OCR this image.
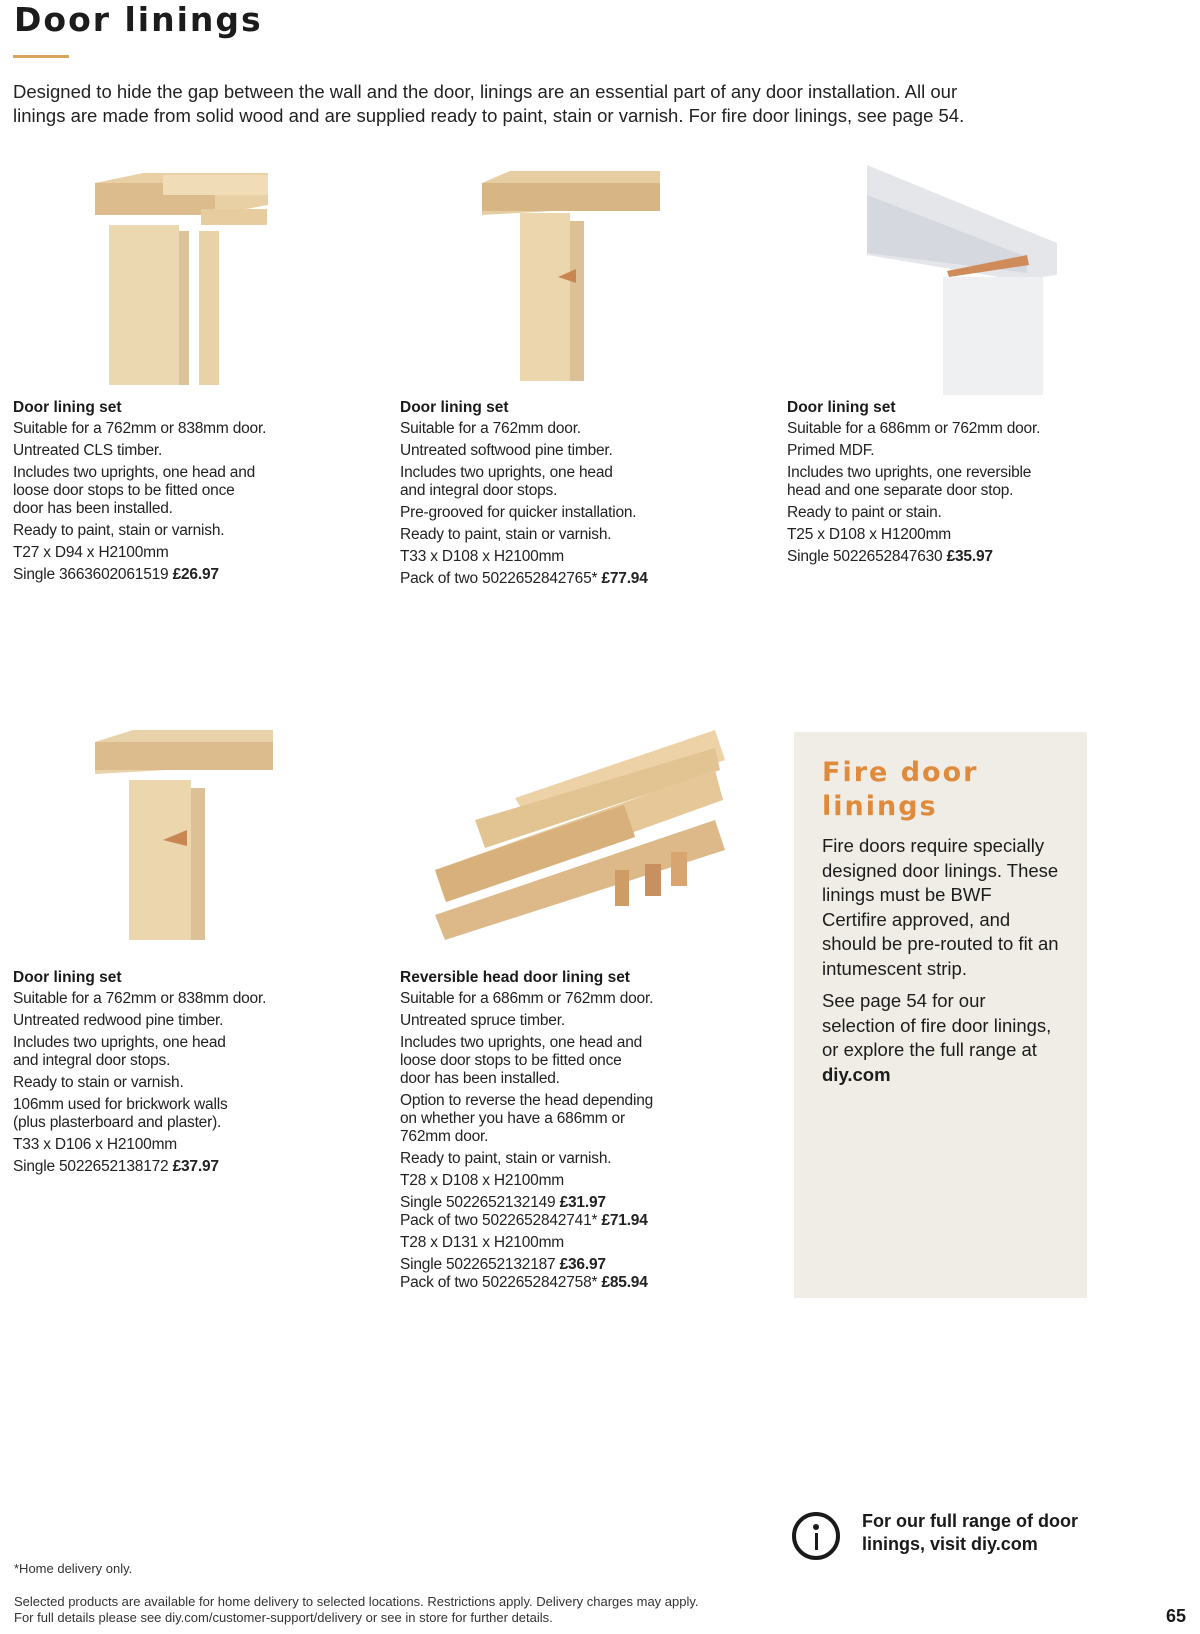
Door linings
Designed to hide the gap between the wall and the door, linings are an essential part of any door installation. All our
linings are made from solid wood and are supplied ready to paint, stain or varnish. For fire door linings, see page 54.
Door lining set
Suitable for a 762mm or 838mm door.
Untreated CLS timber.
Includes two uprights, one head and
loose door stops to be fitted once
door has been installed.
Ready to paint, stain or varnish.
T27 x D94 x H2100mm
Single 3663602061519 £26.97
Door lining set
Suitable for a 762mm door.
Untreated softwood pine timber.
Includes two uprights, one head
and integral door stops.
Pre-grooved for quicker installation.
Ready to paint, stain or varnish.
T33 x D108 x H2100mm
Pack of two 5022652842765* £77.94
Door lining set
Suitable for a 686mm or 762mm door.
Primed MDF.
Includes two uprights, one reversible
head and one separate door stop.
Ready to paint or stain.
T25 x D108 x H1200mm
Single 5022652847630 £35.97
Door lining set
Suitable for a 762mm or 838mm door.
Untreated redwood pine timber.
Includes two uprights, one head
and integral door stops.
Ready to stain or varnish.
106mm used for brickwork walls
(plus plasterboard and plaster).
T33 x D106 x H2100mm
Single 5022652138172 £37.97
Reversible head door lining set
Suitable for a 686mm or 762mm door.
Untreated spruce timber.
Includes two uprights, one head and
loose door stops to be fitted once
door has been installed.
Option to reverse the head depending
on whether you have a 686mm or
762mm door.
Ready to paint, stain or varnish.
T28 x D108 x H2100mm
Single 5022652132149 £31.97
Pack of two 5022652842741* £71.94
T28 x D131 x H2100mm
Single 5022652132187 £36.97
Pack of two 5022652842758* £85.94
Fire door
linings

Fire doors require specially designed door linings. These linings must be BWF Certifire approved, and should be pre-routed to fit an intumescent strip.

See page 54 for our selection of fire door linings, or explore the full range at diy.com

For our full range of door
linings, visit diy.com
*Home delivery only.
Selected products are available for home delivery to selected locations. Restrictions apply. Delivery charges may apply.
For full details please see diy.com/customer-support/delivery or see in store for further details.	65
